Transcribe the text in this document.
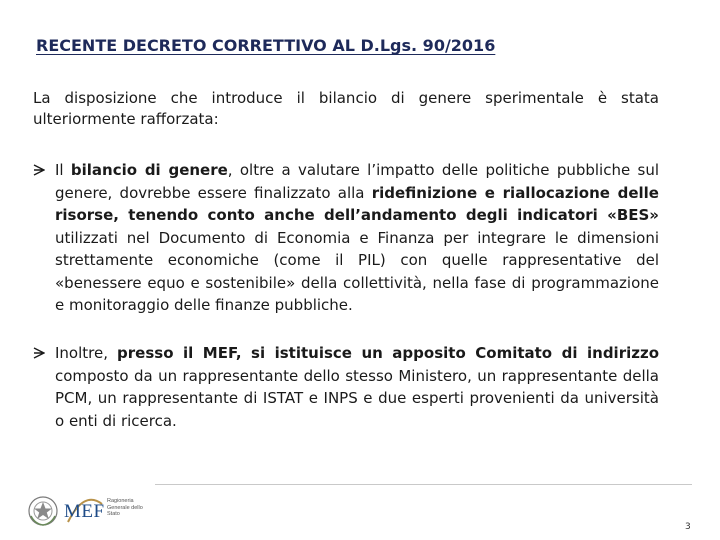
RECENTE DECRETO CORRETTIVO AL D.Lgs. 90/2016
La disposizione che introduce il bilancio di genere sperimentale è stata ulteriormente rafforzata:
Il bilancio di genere, oltre a valutare l’impatto delle politiche pubbliche sul genere, dovrebbe essere finalizzato alla ridefinizione e riallocazione delle risorse, tenendo conto anche dell’andamento degli indicatori «BES» utilizzati nel Documento di Economia e Finanza per integrare le dimensioni strettamente economiche (come il PIL) con quelle rappresentative del «benessere equo e sostenibile» della collettività, nella fase di programmazione e monitoraggio delle finanze pubbliche.
Inoltre, presso il MEF, si istituisce un apposito Comitato di indirizzo composto da un rappresentante dello stesso Ministero, un rappresentante della PCM, un rappresentante di ISTAT e INPS e due esperti provenienti da università o enti di ricerca.
MEF Ragioneria Generale dello Stato
3
